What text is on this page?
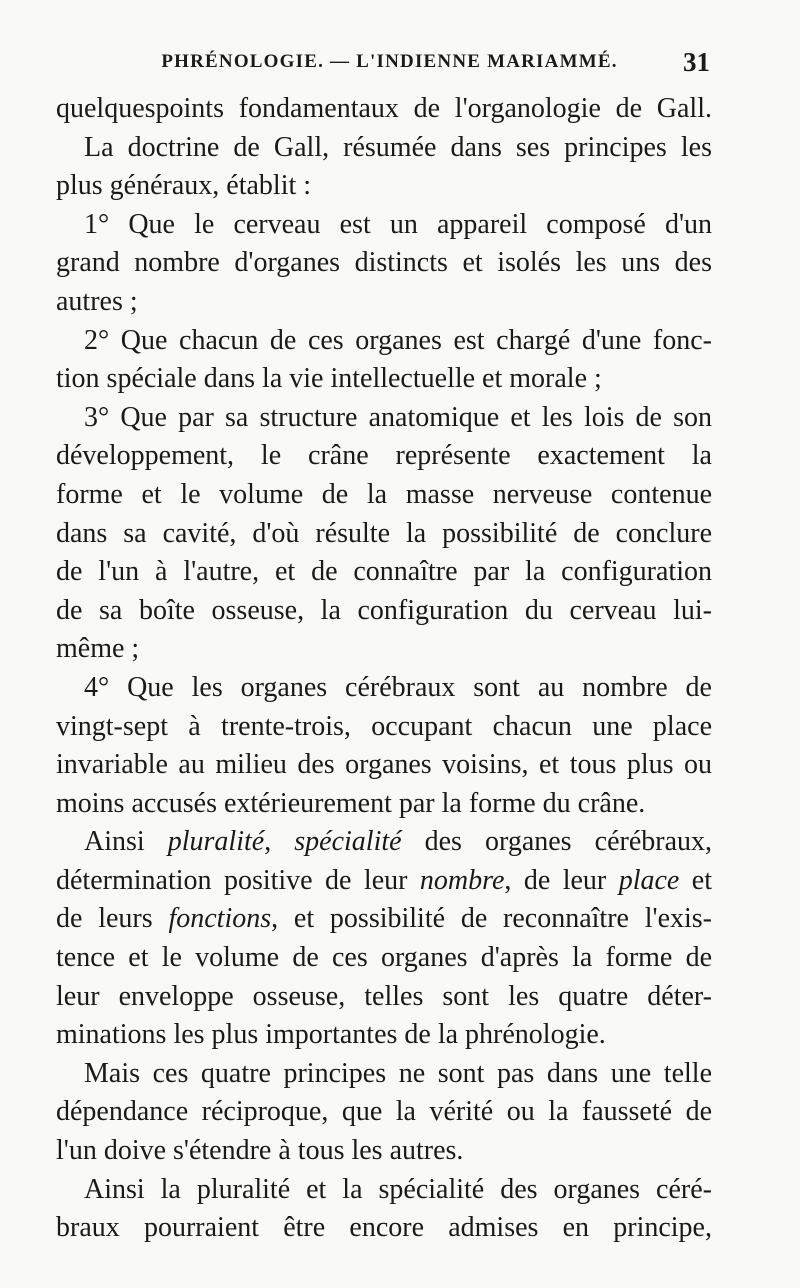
PHRÉNOLOGIE. — L'INDIENNE MARIAMMÉ.	31
quelquespoints fondamentaux de l'organologie de Gall.
La doctrine de Gall, résumée dans ses principes les
plus généraux, établit :
1° Que le cerveau est un appareil composé d'un
grand nombre d'organes distincts et isolés les uns des
autres ;
2° Que chacun de ces organes est chargé d'une fonc-
tion spéciale dans la vie intellectuelle et morale ;
3° Que par sa structure anatomique et les lois de son
développement, le crâne représente exactement la
forme et le volume de la masse nerveuse contenue
dans sa cavité, d'où résulte la possibilité de conclure
de l'un à l'autre, et de connaître par la configuration
de sa boîte osseuse, la configuration du cerveau lui-
même ;
4° Que les organes cérébraux sont au nombre de
vingt-sept à trente-trois, occupant chacun une place
invariable au milieu des organes voisins, et tous plus ou
moins accusés extérieurement par la forme du crâne.
Ainsi pluralité, spécialité des organes cérébraux,
détermination positive de leur nombre, de leur place et
de leurs fonctions, et possibilité de reconnaître l'exis-
tence et le volume de ces organes d'après la forme de
leur enveloppe osseuse, telles sont les quatre déter-
minations les plus importantes de la phrénologie.
Mais ces quatre principes ne sont pas dans une telle
dépendance réciproque, que la vérité ou la fausseté de
l'un doive s'étendre à tous les autres.
Ainsi la pluralité et la spécialité des organes céré-
braux pourraient être encore admises en principe,
